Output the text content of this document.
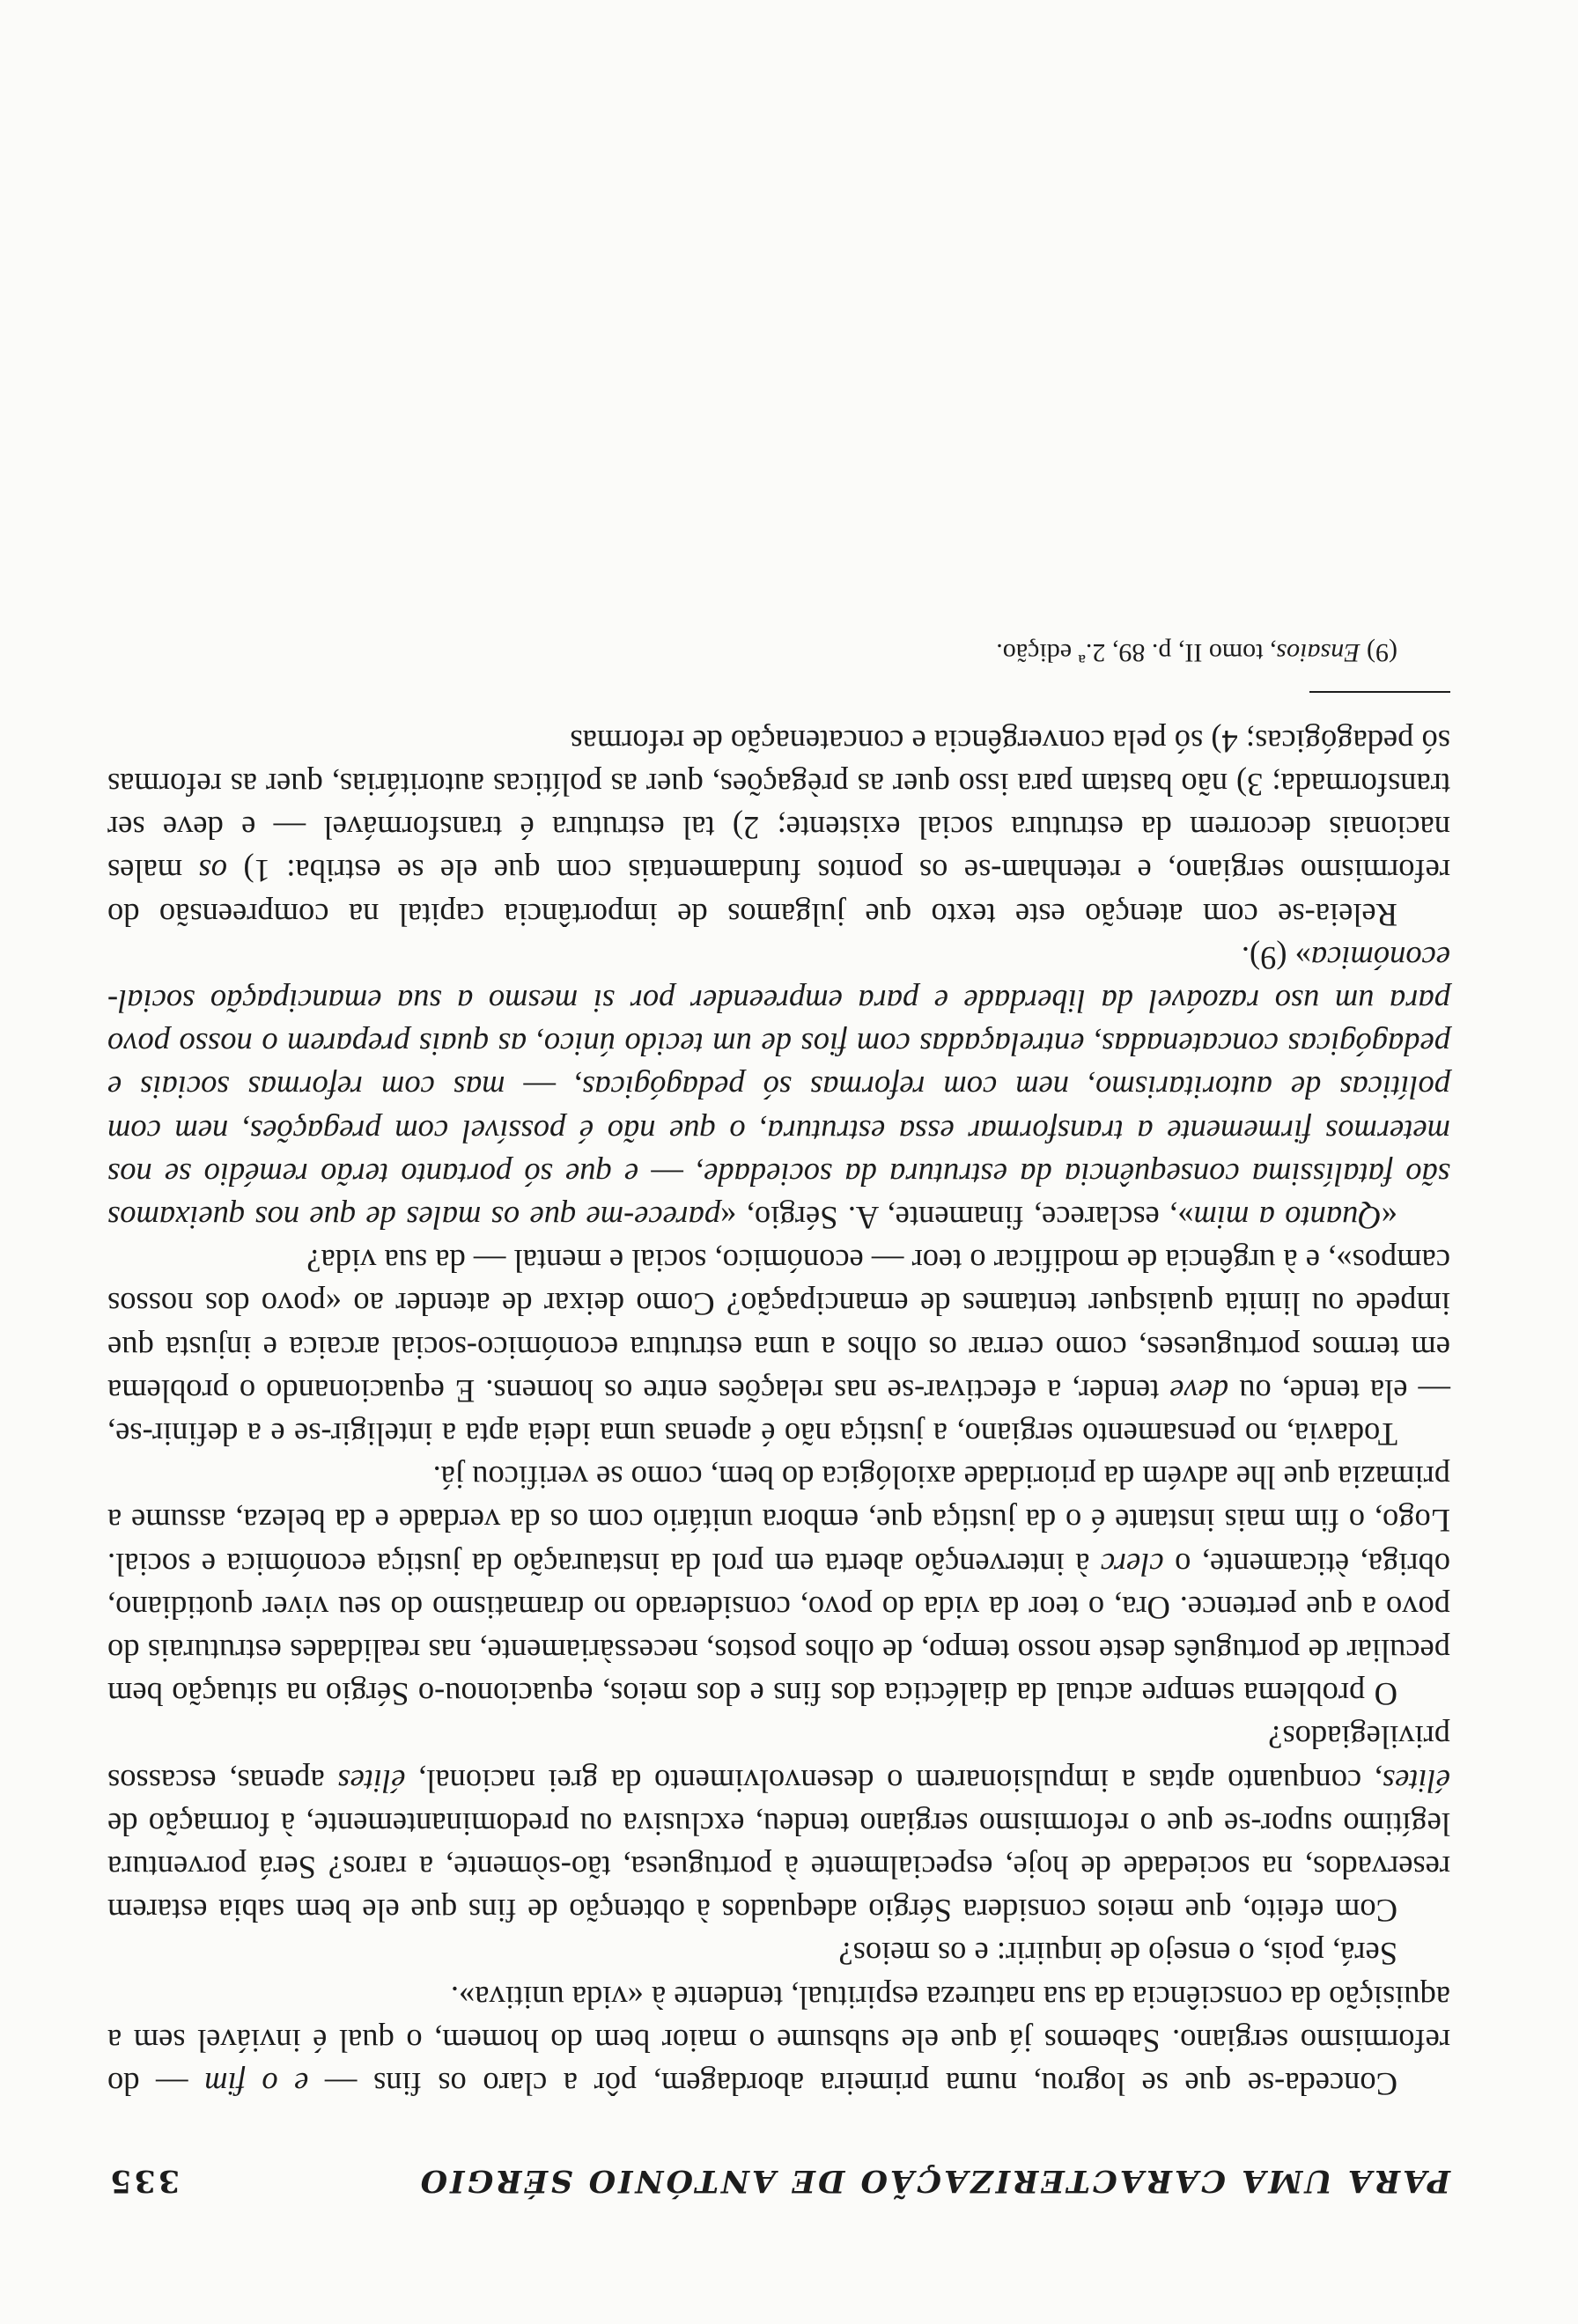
PARA UMA CARACTERIZAÇÃO DE ANTÓNIO SÉRGIO
335

Conceda-se que se logrou, numa primeira abordagem, pôr a claro os fins — e o fim — do reformismo sergiano. Sabemos já que ele subsume o maior bem do homem, o qual é inviável sem a aquisição da consciência da sua natureza espiritual, tendente à «vida unitiva».

Será, pois, o ensejo de inquirir: e os meios?

Com efeito, que meios considera Sérgio adequados à obtenção de fins que ele bem sabia estarem reservados, na sociedade de hoje, especialmente à portuguesa, tão-sòmente, a raros? Será porventura legítimo supor-se que o reformismo sergiano tendeu, exclusiva ou predominantemente, à formação de élites, conquanto aptas a impulsionarem o desenvolvimento da grei nacional, élites apenas, escassos privilegiados?

O problema sempre actual da dialéctica dos fins e dos meios, equacionou-o Sérgio na situação bem peculiar de português deste nosso tempo, de olhos postos, necessàriamente, nas realidades estruturais do povo a que pertence. Ora, o teor da vida do povo, considerado no dramatismo do seu viver quotidiano, obriga, èticamente, o clerc à intervenção aberta em prol da instauração da justiça económica e social. Logo, o fim mais instante é o da justiça que, embora unitário com os da verdade e da beleza, assume a primazia que lhe advém da prioridade axiológica do bem, como se verificou já.

Todavia, no pensamento sergiano, a justiça não é apenas uma ideia apta a inteligir-se e a definir-se, — ela tende, ou deve tender, a efectivar-se nas relações entre os homens. E equacionando o problema em termos portugueses, como cerrar os olhos a uma estrutura económico-social arcaica e injusta que impede ou limita quaisquer tentames de emancipação? Como deixar de atender ao «povo dos nossos campos», e à urgência de modificar o teor — económico, social e mental — da sua vida?

«Quanto a mim», esclarece, finamente, A. Sérgio, «parece-me que os males de que nos queixamos são fatalíssima consequência da estrutura da sociedade, — e que só portanto terão remédio se nos metermos firmemente a transformar essa estrutura, o que não é possível com pregações, nem com políticas de autoritarismo, nem com reformas só pedagógicas, — mas com reformas sociais e pedagógicas concatenadas, entrelaçadas com fios de um tecido único, as quais preparem o nosso povo para um uso razoável da liberdade e para empreender por si mesmo a sua emancipação social-económica» (9).

Releia-se com atenção este texto que julgamos de importância capital na compreensão do reformismo sergiano, e retenham-se os pontos fundamentais com que ele se estriba: 1) os males nacionais decorrem da estrutura social existente; 2) tal estrutura é transformável — e deve ser transformada; 3) não bastam para isso quer as prègações, quer as políticas autoritárias, quer as reformas só pedagógicas; 4) só pela convergência e concatenação de reformas

(9) Ensaios, tomo II, p. 89, 2.ª edição.
